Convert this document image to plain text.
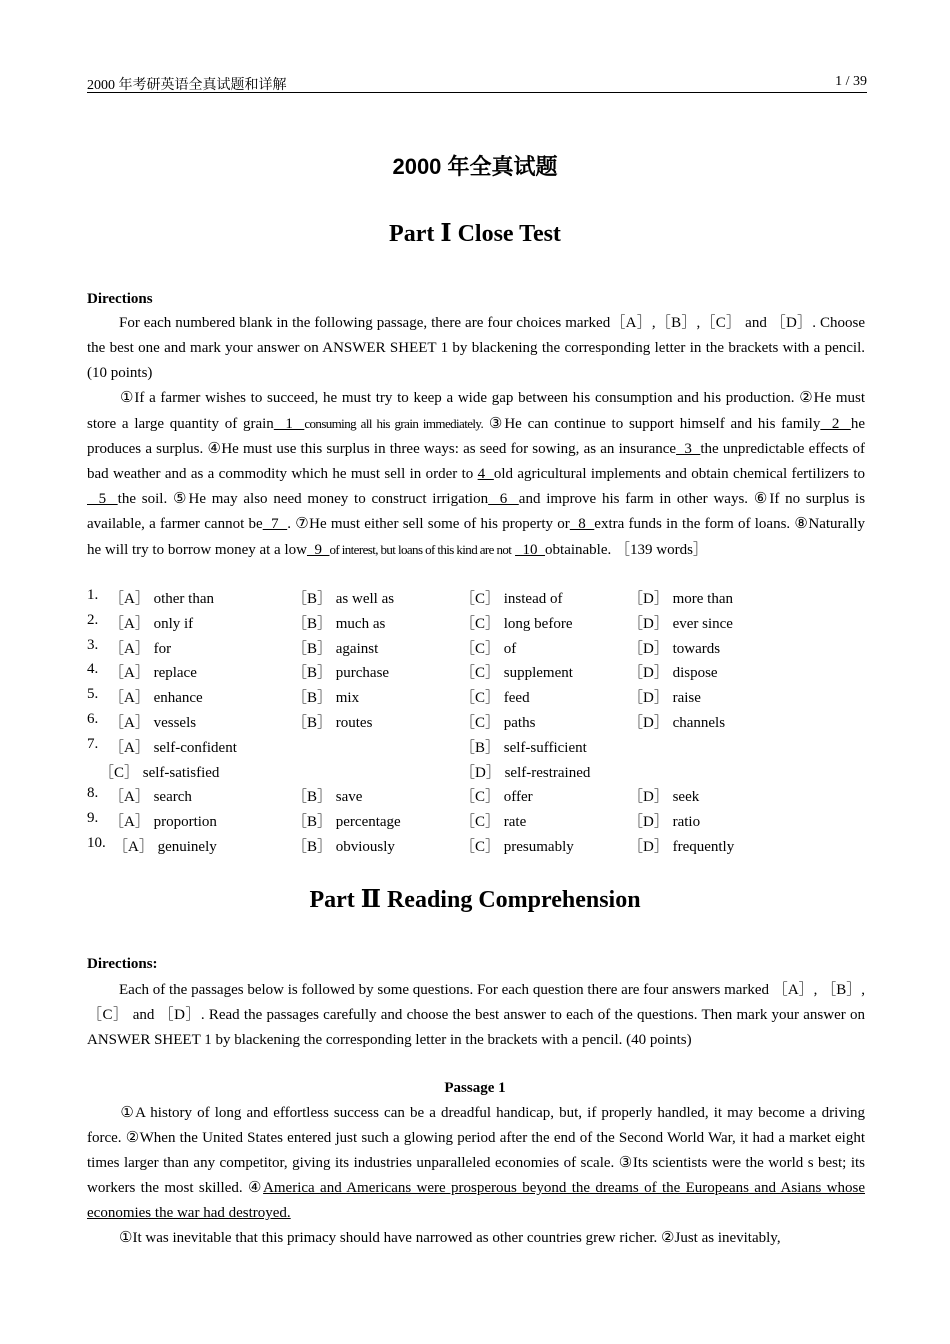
2000 年考研英语全真试题和详解	1 / 39
2000 年全真试题
Part Ⅰ Close Test
Directions

For each numbered blank in the following passage, there are four choices marked［A］,［B］,［C］ and ［D］. Choose the best one and mark your answer on ANSWER SHEET 1 by blackening the corresponding letter in the brackets with a pencil. (10 points)

①If a farmer wishes to succeed, he must try to keep a wide gap between his consumption and his production. ②He must store a large quantity of grain  1  consuming all his grain immediately. ③He can continue to support himself and his family  2  he produces a surplus. ④He must use this surplus in three ways: as seed for sowing, as an insurance  3  the unpredictable effects of bad weather and as a commodity which he must sell in order to 4  old agricultural implements and obtain chemical fertilizers to  5  the soil. ⑤He may also need money to construct irrigation  6  and improve his farm in other ways. ⑥If no surplus is available, a farmer cannot be  7  . ⑦He must either sell some of his property or  8  extra funds in the form of loans. ⑧Naturally he will try to borrow money at a low  9  of interest, but loans of this kind are not   10  obtainable. ［139 words］

1. ［A］ other than	［B］ as well as	［C］ instead of	［D］ more than
2. ［A］ only if	［B］ much as	［C］ long before	［D］ ever since
3. ［A］ for	［B］ against	［C］ of	［D］ towards
4. ［A］ replace	［B］ purchase	［C］ supplement	［D］ dispose
5. ［A］ enhance	［B］ mix	［C］ feed	［D］ raise
6. ［A］ vessels	［B］ routes	［C］ paths	［D］ channels
7. ［A］ self‐confident	［B］ self‐sufficient
［C］ self‐satisfied	［D］ self‐restrained
8. ［A］ search	［B］ save	［C］ offer	［D］ seek
9. ［A］ proportion	［B］ percentage	［C］ rate	［D］ ratio
10. ［A］ genuinely	［B］ obviously	［C］ presumably	［D］ frequently
Part Ⅱ Reading Comprehension
Directions:

Each of the passages below is followed by some questions. For each question there are four answers marked ［A］, ［B］, ［C］ and ［D］. Read the passages carefully and choose the best answer to each of the questions. Then mark your answer on ANSWER SHEET 1 by blackening the corresponding letter in the brackets with a pencil. (40 points)

Passage 1

①A history of long and effortless success can be a dreadful handicap, but, if properly handled, it may become a driving force. ②When the United States entered just such a glowing period after the end of the Second World War, it had a market eight times larger than any competitor, giving its industries unparalleled economies of scale. ③Its scientists were the world s best; its workers the most skilled. ④America and Americans were prosperous beyond the dreams of the Europeans and Asians whose economies the war had destroyed.

①It was inevitable that this primacy should have narrowed as other countries grew richer. ②Just as inevitably,
